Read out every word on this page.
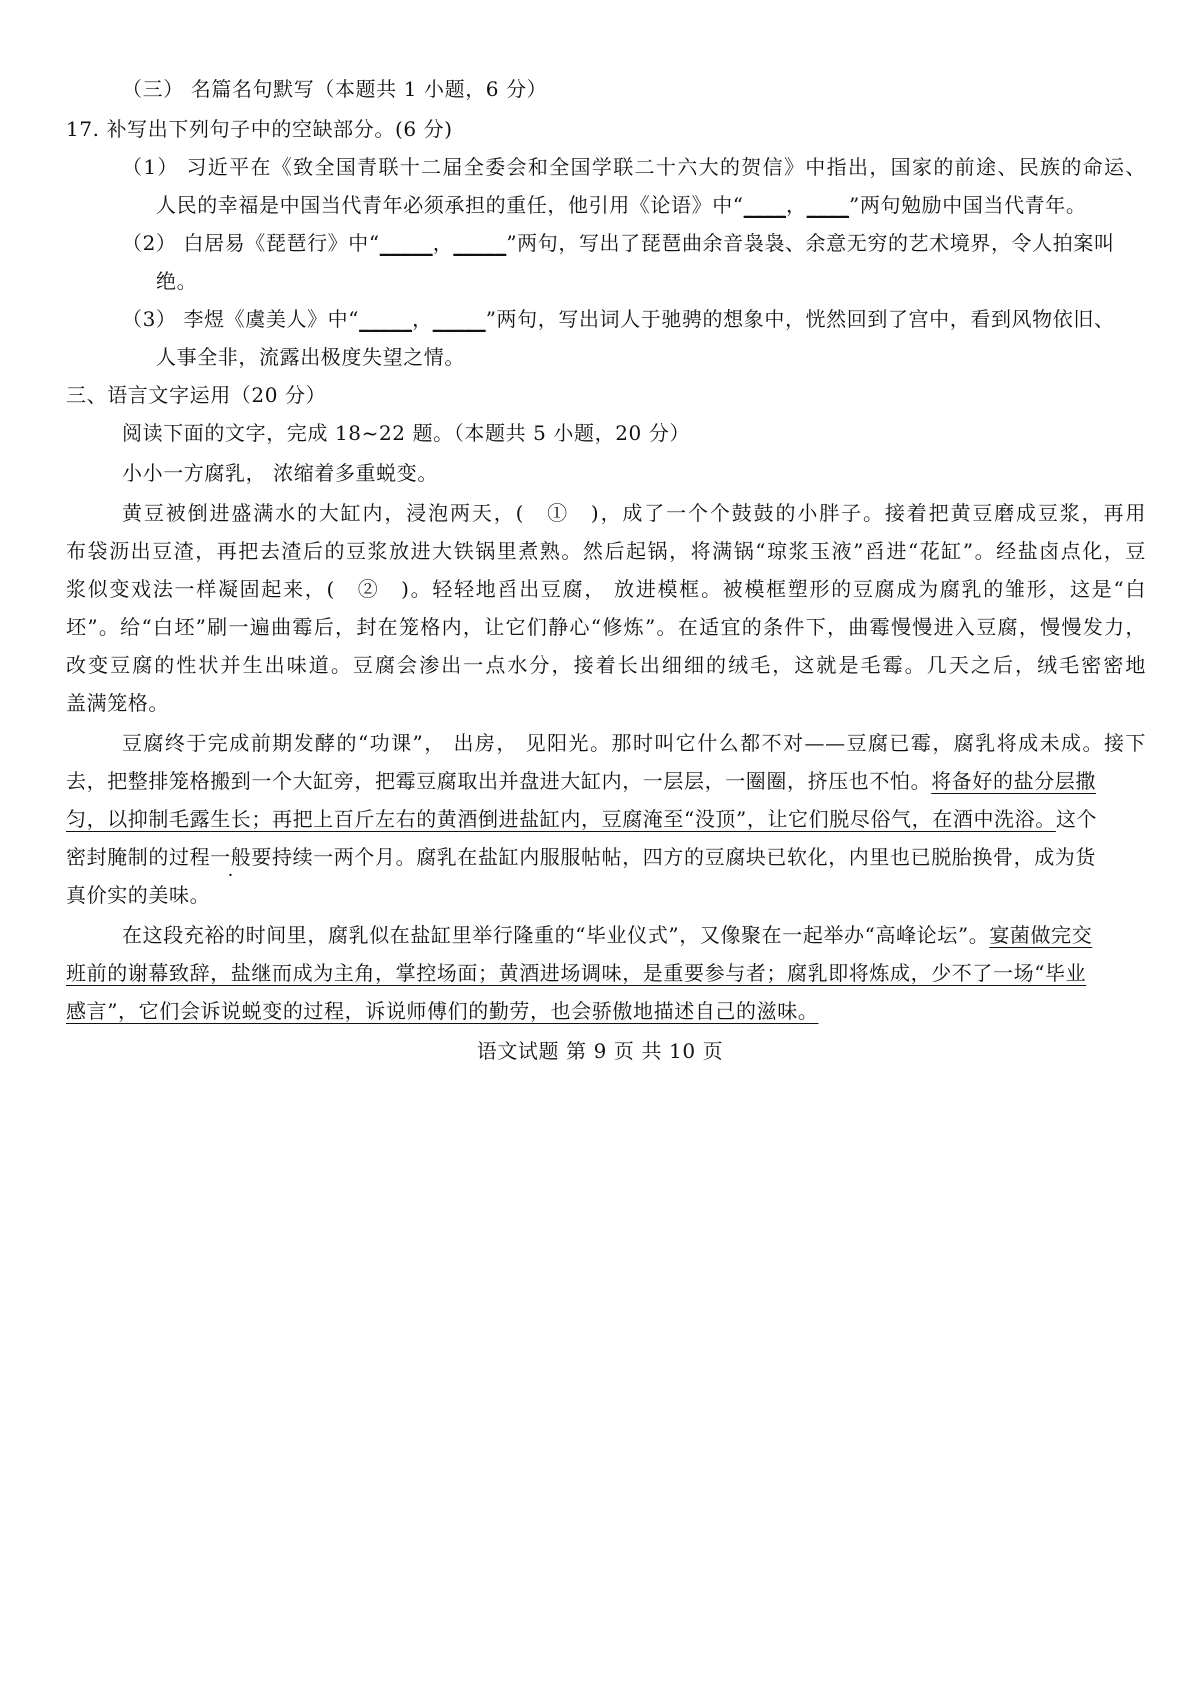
（三） 名篇名句默写（本题共 1 小题，6 分）
17. 补写出下列句子中的空缺部分。(6 分)
（1） 习近平在《致全国青联十二届全委会和全国学联二十六大的贺信》中指出，国家的前途、民族的命运、
人民的幸福是中国当代青年必须承担的重任，他引用《论语》中“____，____”两句勉励中国当代青年。
（2） 白居易《琵琶行》中“_____，_____”两句，写出了琵琶曲余音袅袅、余意无穷的艺术境界，令人拍案叫
绝。
（3） 李煜《虞美人》中“_____，_____”两句，写出词人于驰骋的想象中，恍然回到了宫中，看到风物依旧、
人事全非，流露出极度失望之情。
三、语言文字运用（20 分）
阅读下面的文字，完成 18~22 题。（本题共 5 小题，20 分）
小小一方腐乳， 浓缩着多重蜕变。
黄豆被倒进盛满水的大缸内，浸泡两天，(　①　)，成了一个个鼓鼓的小胖子。接着把黄豆磨成豆浆，再用
布袋沥出豆渣，再把去渣后的豆浆放进大铁锅里煮熟。然后起锅，将满锅“琼浆玉液”舀进“花缸”。经盐卤点化，豆
浆似变戏法一样凝固起来，(　②　)。轻轻地舀出豆腐， 放进模框。被模框塑形的豆腐成为腐乳的雏形，这是“白
坯”。给“白坯”刷一遍曲霉后，封在笼格内，让它们静心“修炼”。在适宜的条件下，曲霉慢慢进入豆腐，慢慢发力，
改变豆腐的性状并生出味道。豆腐会渗出一点水分，接着长出细细的绒毛，这就是毛霉。几天之后，绒毛密密地
盖满笼格。
豆腐终于完成前期发酵的“功课”， 出房， 见阳光。那时叫它什么都不对——豆腐已霉，腐乳将成未成。接下
去，把整排笼格搬到一个大缸旁，把霉豆腐取出并盘进大缸内，一层层，一圈圈，挤压也不怕。将备好的盐分层撒
匀，以抑制毛露生长；再把上百斤左右的黄酒倒进盐缸内，豆腐淹至“没顶”，让它们脱尽俗气，在酒中洗浴。这个
密封腌制的过程一般要持续一两个月。腐乳在盐缸内服服帖帖，四方的豆腐块已软化，内里也已脱胎换骨，成为货
真价实的美味。
在这段充裕的时间里，腐乳似在盐缸里举行隆重的“毕业仪式”，又像聚在一起举办“高峰论坛”。宴菌做完交
班前的谢幕致辞，盐继而成为主角，掌控场面；黄酒进场调味，是重要参与者；腐乳即将炼成，少不了一场“毕业
感言”，它们会诉说蜕变的过程，诉说师傅们的勤劳，也会骄傲地描述自己的滋味。
语文试题 第 9 页 共 10 页
